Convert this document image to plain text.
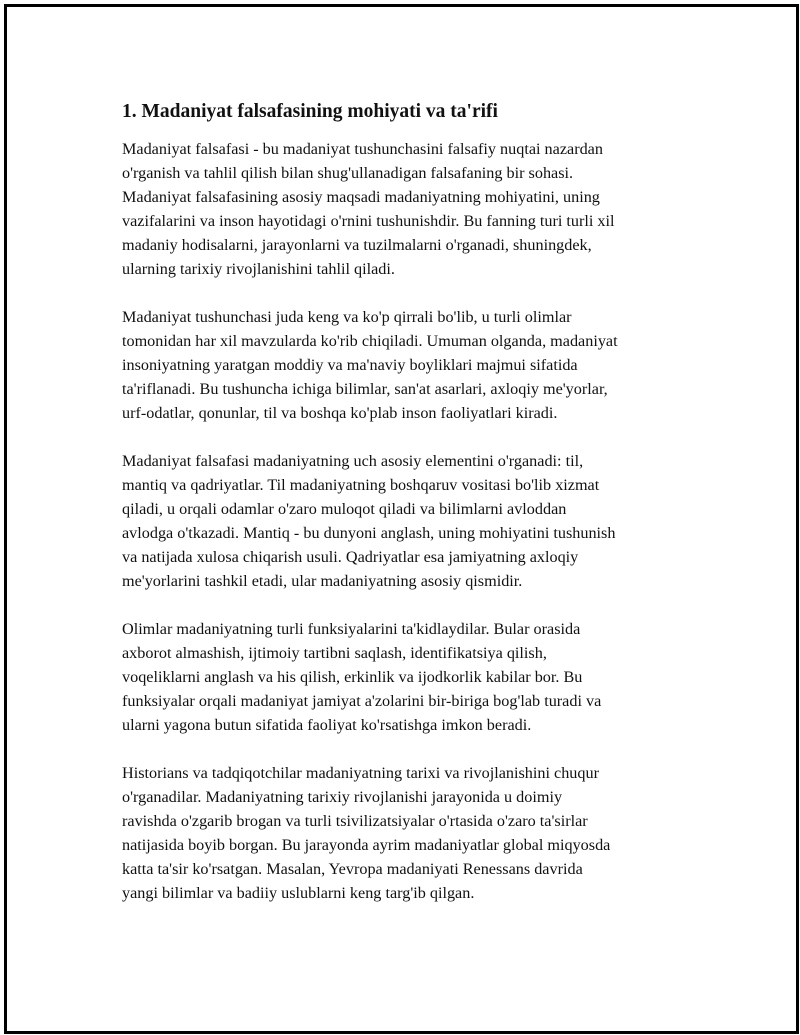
1. Madaniyat falsafasining mohiyati va ta'rifi

Madaniyat falsafasi - bu madaniyat tushunchasini falsafiy nuqtai nazardan
o'rganish va tahlil qilish bilan shug'ullanadigan falsafaning bir sohasi.
Madaniyat falsafasining asosiy maqsadi madaniyatning mohiyatini, uning
vazifalarini va inson hayotidagi o'rnini tushunishdir. Bu fanning turi turli xil
madaniy hodisalarni, jarayonlarni va tuzilmalarni o'rganadi, shuningdek,
ularning tarixiy rivojlanishini tahlil qiladi.

Madaniyat tushunchasi juda keng va ko'p qirrali bo'lib, u turli olimlar
tomonidan har xil mavzularda ko'rib chiqiladi. Umuman olganda, madaniyat
insoniyatning yaratgan moddiy va ma'naviy boyliklari majmui sifatida
ta'riflanadi. Bu tushuncha ichiga bilimlar, san'at asarlari, axloqiy me'yorlar,
urf-odatlar, qonunlar, til va boshqa ko'plab inson faoliyatlari kiradi.

Madaniyat falsafasi madaniyatning uch asosiy elementini o'rganadi: til,
mantiq va qadriyatlar. Til madaniyatning boshqaruv vositasi bo'lib xizmat
qiladi, u orqali odamlar o'zaro muloqot qiladi va bilimlarni avloddan
avlodga o'tkazadi. Mantiq - bu dunyoni anglash, uning mohiyatini tushunish
va natijada xulosa chiqarish usuli. Qadriyatlar esa jamiyatning axloqiy
me'yorlarini tashkil etadi, ular madaniyatning asosiy qismidir.

Olimlar madaniyatning turli funksiyalarini ta'kidlaydilar. Bular orasida
axborot almashish, ijtimoiy tartibni saqlash, identifikatsiya qilish,
voqeliklarni anglash va his qilish, erkinlik va ijodkorlik kabilar bor. Bu
funksiyalar orqali madaniyat jamiyat a'zolarini bir-biriga bog'lab turadi va
ularni yagona butun sifatida faoliyat ko'rsatishga imkon beradi.

Historians va tadqiqotchilar madaniyatning tarixi va rivojlanishini chuqur
o'rganadilar. Madaniyatning tarixiy rivojlanishi jarayonida u doimiy
ravishda o'zgarib brogan va turli tsivilizatsiyalar o'rtasida o'zaro ta'sirlar
natijasida boyib borgan. Bu jarayonda ayrim madaniyatlar global miqyosda
katta ta'sir ko'rsatgan. Masalan, Yevropa madaniyati Renessans davrida
yangi bilimlar va badiiy uslublarni keng targ'ib qilgan.
